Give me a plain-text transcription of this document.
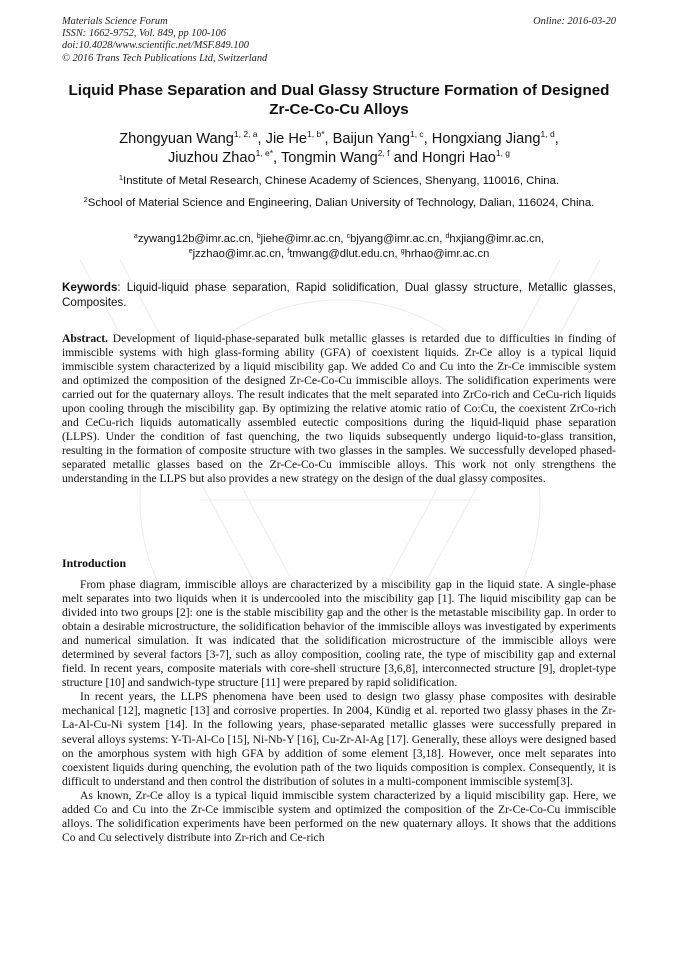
Materials Science Forum
ISSN: 1662-9752, Vol. 849, pp 100-106
doi:10.4028/www.scientific.net/MSF.849.100
© 2016 Trans Tech Publications Ltd, Switzerland
Online: 2016-03-20
Liquid Phase Separation and Dual Glassy Structure Formation of Designed Zr-Ce-Co-Cu Alloys
Zhongyuan Wang$^{1, 2, a}$, Jie $He^{1, b*}$, Baijun Yang$^{1, c}$, Hongxiang Jiang$^{1, d}$,
Jiuzhou Zhao$^{1, e*}$, Tongmin Wang$^{2, f}$ and Hongri Hao$^{1, g}$
$^1$Institute of Metal Research, Chinese Academy of Sciences, Shenyang, 110016, China.
$^2$School of Material Science and Engineering, Dalian University of Technology, Dalian, 116024, China.
$^a$zywang12b@imr.ac.cn, $^b$jiehe@imr.ac.cn, $^c$bjyang@imr.ac.cn, $^d$hxjiang@imr.ac.cn,
$^e$jzzhao@imr.ac.cn, $^f$tmwang@dlut.edu.cn, $^g$hrhao@imr.ac.cn
Keywords: Liquid-liquid phase separation, Rapid solidification, Dual glassy structure, Metallic glasses, Composites.

Abstract. Development of liquid-phase-separated bulk metallic glasses is retarded due to difficulties in finding of immiscible systems with high glass-forming ability (GFA) of coexistent liquids. Zr-Ce alloy is a typical liquid immiscible system characterized by a liquid miscibility gap. We added Co and Cu into the Zr-Ce immiscible system and optimized the composition of the designed Zr-Ce-Co-Cu immiscible alloys. The solidification experiments were carried out for the quaternary alloys. The result indicates that the melt separated into ZrCo-rich and CeCu-rich liquids upon cooling through the miscibility gap. By optimizing the relative atomic ratio of Co:Cu, the coexistent ZrCo-rich and CeCu-rich liquids automatically assembled eutectic compositions during the liquid-liquid phase separation (LLPS). Under the condition of fast quenching, the two liquids subsequently undergo liquid-to-glass transition, resulting in the formation of composite structure with two glasses in the samples. We successfully developed phased-separated metallic glasses based on the Zr-Ce-Co-Cu immiscible alloys. This work not only strengthens the understanding in the LLPS but also provides a new strategy on the design of the dual glassy composites.

Introduction

From phase diagram, immiscible alloys are characterized by a miscibility gap in the liquid state. A single-phase melt separates into two liquids when it is undercooled into the miscibility gap [1]. The liquid miscibility gap can be divided into two groups [2]: one is the stable miscibility gap and the other is the metastable miscibility gap. In order to obtain a desirable microstructure, the solidification behavior of the immiscible alloys was investigated by experiments and numerical simulation. It was indicated that the solidification microstructure of the immiscible alloys were determined by several factors [3-7], such as alloy composition, cooling rate, the type of miscibility gap and external field. In recent years, composite materials with core-shell structure [3,6,8], interconnected structure [9], droplet-type structure [10] and sandwich-type structure [11] were prepared by rapid solidification.

In recent years, the LLPS phenomena have been used to design two glassy phase composites with desirable mechanical [12], magnetic [13] and corrosive properties. In 2004, Kündig et al. reported two glassy phases in the Zr-La-Al-Cu-Ni system [14]. In the following years, phase-separated metallic glasses were successfully prepared in several alloys systems: Y-Ti-Al-Co [15], Ni-Nb-Y [16], Cu-Zr-Al-Ag [17]. Generally, these alloys were designed based on the amorphous system with high GFA by addition of some element [3,18]. However, once melt separates into coexistent liquids during quenching, the evolution path of the two liquids composition is complex. Consequently, it is difficult to understand and then control the distribution of solutes in a multi-component immiscible system[3].

As known, Zr-Ce alloy is a typical liquid immiscible system characterized by a liquid miscibility gap. Here, we added Co and Cu into the Zr-Ce immiscible system and optimized the composition of the Zr-Ce-Co-Cu immiscible alloys. The solidification experiments have been performed on the new quaternary alloys. It shows that the additions Co and Cu selectively distribute into Zr-rich and Ce-rich
